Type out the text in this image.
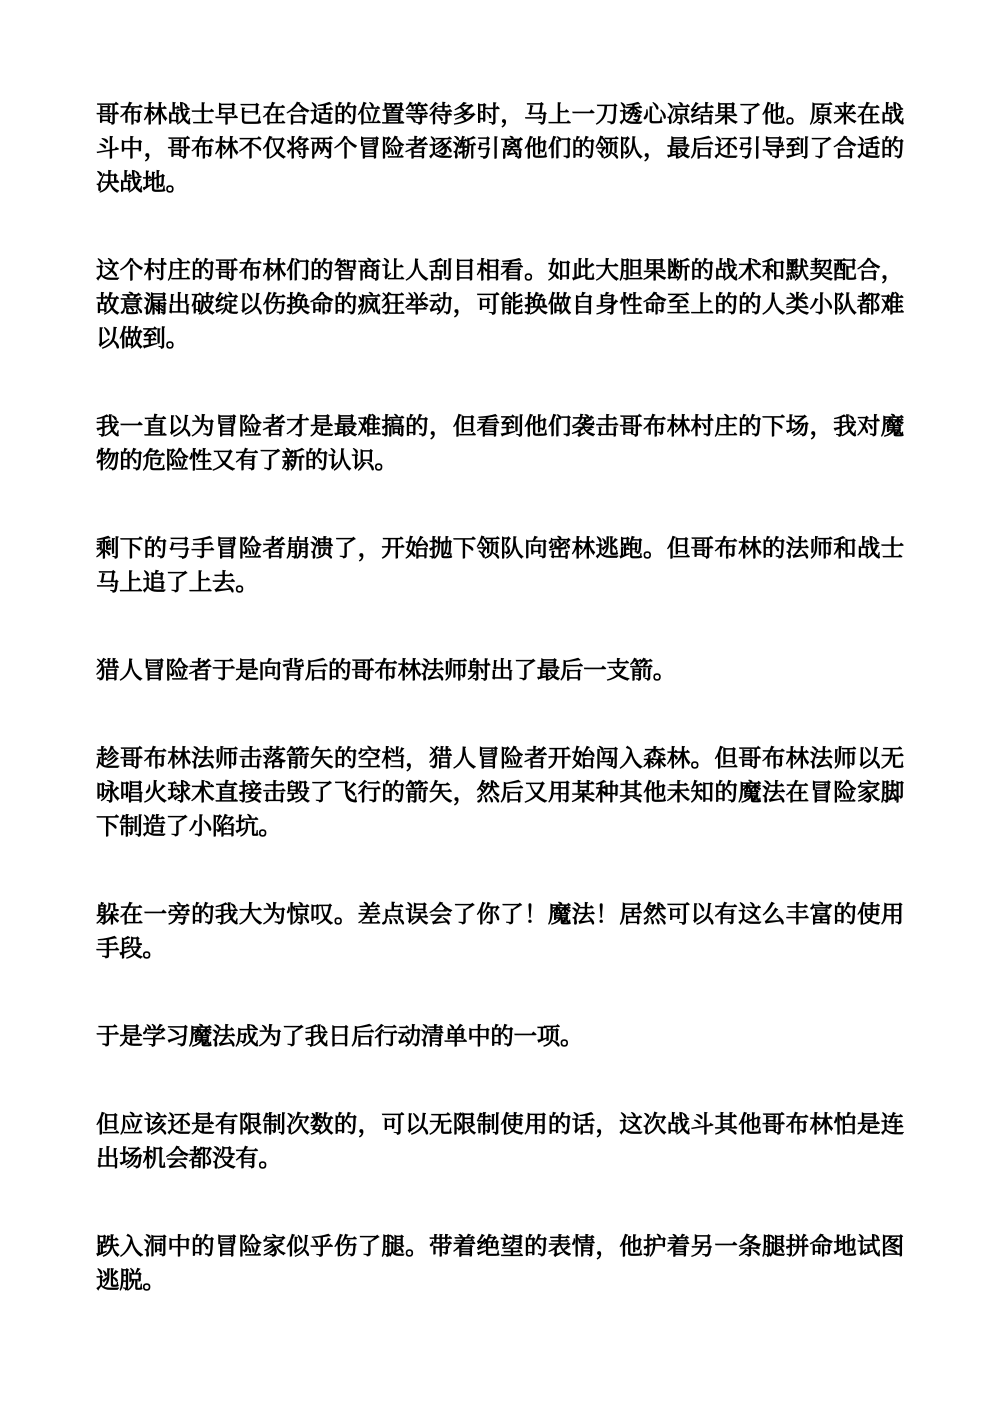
哥布林战士早已在合适的位置等待多时，马上一刀透心凉结果了他。原来在战斗中，哥布林不仅将两个冒险者逐渐引离他们的领队，最后还引导到了合适的决战地。

这个村庄的哥布林们的智商让人刮目相看。如此大胆果断的战术和默契配合，故意漏出破绽以伤换命的疯狂举动，可能换做自身性命至上的的人类小队都难以做到。

我一直以为冒险者才是最难搞的，但看到他们袭击哥布林村庄的下场，我对魔物的危险性又有了新的认识。

剩下的弓手冒险者崩溃了，开始抛下领队向密林逃跑。但哥布林的法师和战士马上追了上去。

猎人冒险者于是向背后的哥布林法师射出了最后一支箭。

趁哥布林法师击落箭矢的空档，猎人冒险者开始闯入森林。但哥布林法师以无咏唱火球术直接击毁了飞行的箭矢，然后又用某种其他未知的魔法在冒险家脚下制造了小陷坑。

躲在一旁的我大为惊叹。差点误会了你了！魔法！居然可以有这么丰富的使用手段。

于是学习魔法成为了我日后行动清单中的一项。

但应该还是有限制次数的，可以无限制使用的话，这次战斗其他哥布林怕是连出场机会都没有。

跌入洞中的冒险家似乎伤了腿。带着绝望的表情，他护着另一条腿拼命地试图逃脱。
